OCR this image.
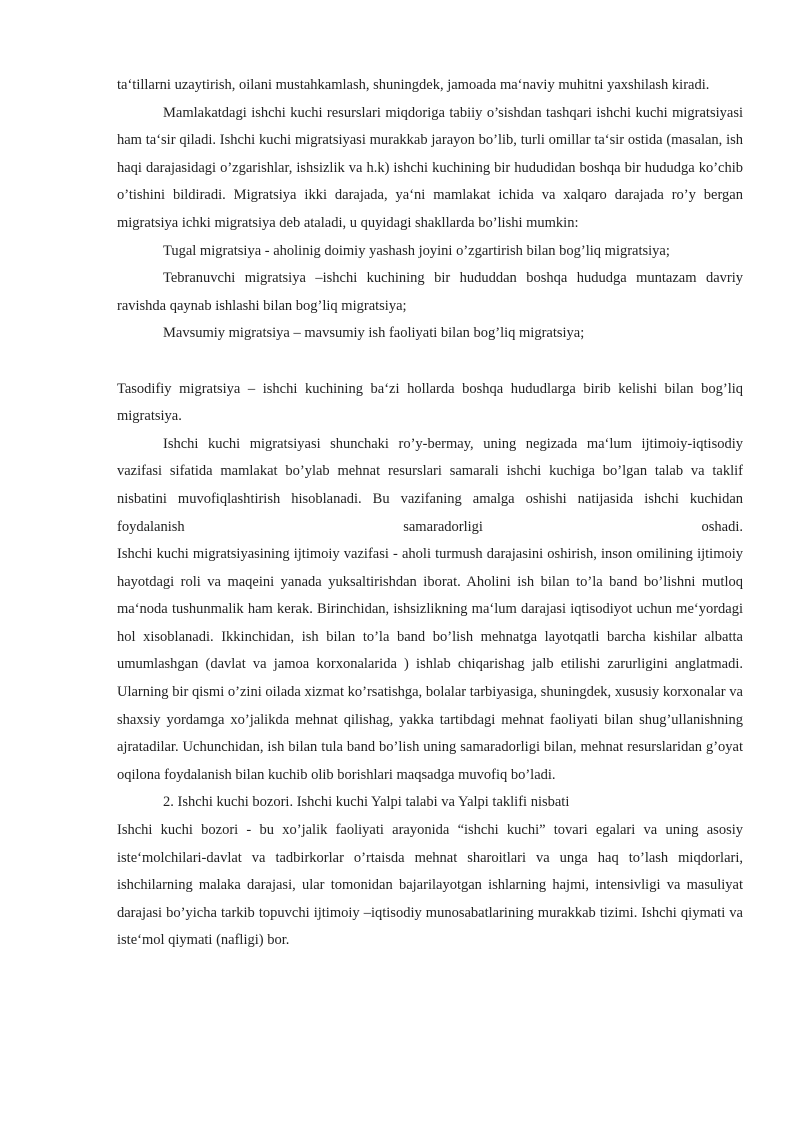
ta‘tillarni uzaytirish, oilani mustahkamlash, shuningdek, jamoada ma‘naviy muhitni yaxshilash kiradi.

Mamlakatdagi ishchi kuchi resurslari miqdoriga tabiiy o’sishdan tashqari ishchi kuchi migratsiyasi ham ta‘sir qiladi. Ishchi kuchi migratsiyasi murakkab jarayon bo’lib, turli omillar ta‘sir ostida (masalan, ish haqi darajasidagi o’zgarishlar, ishsizlik va h.k) ishchi kuchining bir hududidan boshqa bir hududga ko’chib o’tishini bildiradi. Migratsiya ikki darajada, ya‘ni mamlakat ichida va xalqaro darajada ro’y bergan migratsiya ichki migratsiya deb ataladi, u quyidagi shakllarda bo’lishi mumkin:

Tugal migratsiya - aholinig doimiy yashash joyini o’zgartirish bilan bog’liq migratsiya;

Tebranuvchi migratsiya –ishchi kuchining bir hududdan boshqa hududga muntazam davriy ravishda qaynab ishlashi bilan bog’liq migratsiya;

Mavsumiy migratsiya – mavsumiy ish faoliyati bilan bog’liq migratsiya;

Tasodifiy migratsiya – ishchi kuchining ba‘zi hollarda boshqa hududlarga birib kelishi bilan bog’liq migratsiya.

Ishchi kuchi migratsiyasi shunchaki ro’y-bermay, uning negizada ma‘lum ijtimoiy-iqtisodiy vazifasi sifatida mamlakat bo’ylab mehnat resurslari samarali ishchi kuchiga bo’lgan talab va taklif nisbatini muvofiqlashtirish hisoblanadi. Bu vazifaning amalga oshishi natijasida ishchi kuchidan foydalanish samaradorligi oshadi.

Ishchi kuchi migratsiyasining ijtimoiy vazifasi - aholi turmush darajasini oshirish, inson omilining ijtimoiy hayotdagi roli va maqeini yanada yuksaltirishdan iborat. Aholini ish bilan to’la band bo’lishni mutloq ma‘noda tushunmalik ham kerak. Birinchidan, ishsizlikning ma‘lum darajasi iqtisodiyot uchun me‘yordagi hol xisoblanadi. Ikkinchidan, ish bilan to’la band bo’lish mehnatga layotqatli barcha kishilar albatta umumlashgan (davlat va jamoa korxonalarida ) ishlab chiqarishag jalb etilishi zarurligini anglatmadi. Ularning bir qismi o’zini oilada xizmat ko’rsatishga, bolalar tarbiyasiga, shuningdek, xususiy korxonalar va shaxsiy yordamga xo’jalikda mehnat qilishag, yakka tartibdagi mehnat faoliyati bilan shug’ullanishning ajratadilar. Uchunchidan, ish bilan tula band bo’lish uning samaradorligi bilan, mehnat resurslaridan g’oyat oqilona foydalanish bilan kuchib olib borishlari maqsadga muvofiq bo’ladi.

2. Ishchi kuchi bozori. Ishchi kuchi Yalpi talabi va Yalpi taklifi nisbati

Ishchi kuchi bozori - bu xo’jalik faoliyati arayonida “ishchi kuchi” tovari egalari va uning asosiy iste‘molchilari-davlat va tadbirkorlar o’rtaisda mehnat sharoitlari va unga haq to’lash miqdorlari, ishchilarning malaka darajasi, ular tomonidan bajarilayotgan ishlarning hajmi, intensivligi va masuliyat darajasi bo’yicha tarkib topuvchi ijtimoiy –iqtisodiy munosabatlarining murakkab tizimi. Ishchi qiymati va iste‘mol qiymati (nafligi) bor.
